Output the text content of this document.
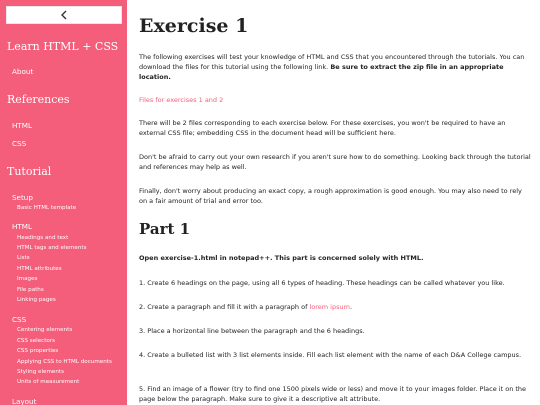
Learn HTML + CSS
About
References
HTML
CSS
Tutorial
Setup
Basic HTML template
HTML
Headings and text
HTML tags and elements
Lists
HTML attributes
Images
File paths
Linking pages
CSS
Centering elements
CSS selectors
CSS properties
Applying CSS to HTML documents
Styling elements
Units of measurement
Layout
Exercise 1
The following exercises will test your knowledge of HTML and CSS that you encountered through the tutorials. You can download the files for this tutorial using the following link. Be sure to extract the zip file in an appropriate location.
Files for exercises 1 and 2
There will be 2 files corresponding to each exercise below. For these exercises, you won't be required to have an external CSS file; embedding CSS in the document head will be sufficient here.
Don't be afraid to carry out your own research if you aren't sure how to do something. Looking back through the tutorial and references may help as well.
Finally, don't worry about producing an exact copy, a rough approximation is good enough. You may also need to rely on a fair amount of trial and error too.
Part 1
Open exercise-1.html in notepad++. This part is concerned solely with HTML.
1. Create 6 headings on the page, using all 6 types of heading. These headings can be called whatever you like.
2. Create a paragraph and fill it with a paragraph of lorem ipsum.
3. Place a horizontal line between the paragraph and the 6 headings.
4. Create a bulleted list with 3 list elements inside. Fill each list element with the name of each D&A College campus.
5. Find an image of a flower (try to find one 1500 pixels wide or less) and move it to your images folder. Place it on the page below the paragraph. Make sure to give it a descriptive alt attribute.
